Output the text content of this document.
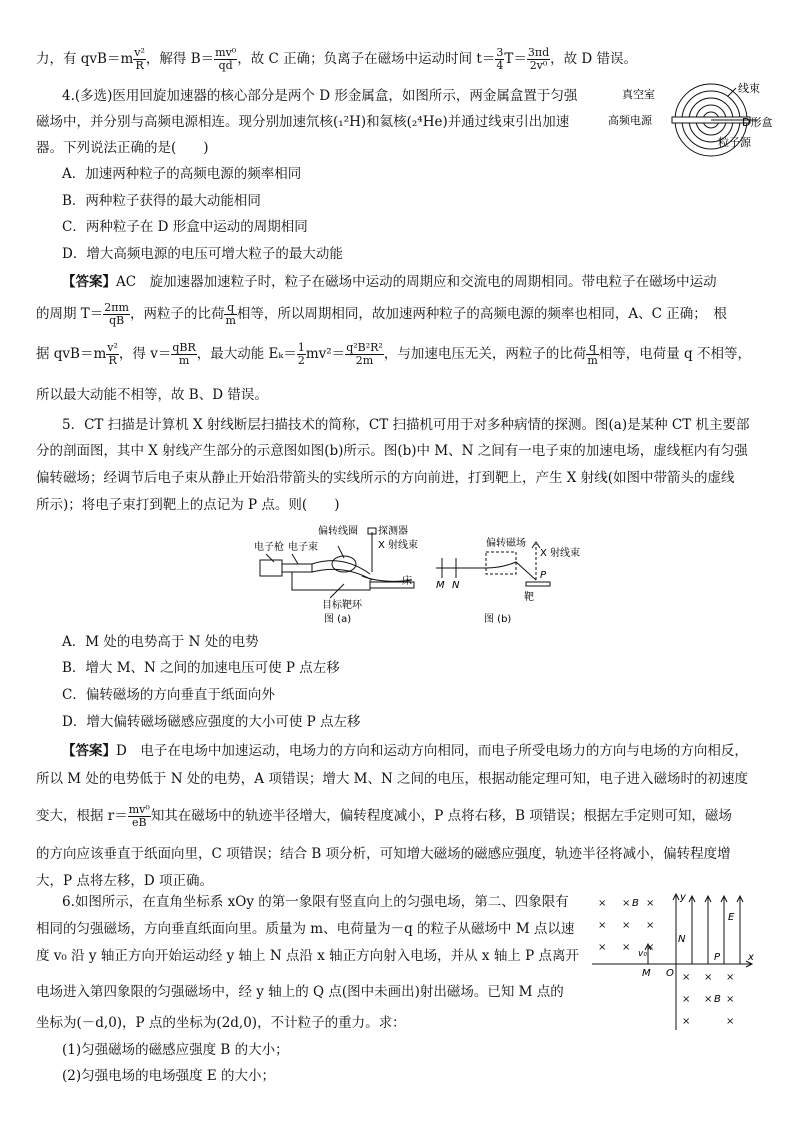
力，有 $qvB=m \frac{\text{v²}}{R}$ ，解得 $B= \frac{\text{mv⁰}}{qd}$ ，故 C 正确；负离子在磁场中运动时间 $t= \frac{3}{4} T= \frac{3\pi d}{\text{2v⁰}}$ ，故 D 错误。
4.(多选)医用回旋加速器的核心部分是两个 D 形金属盒，如图所示，两金属盒置于匀强
磁场中，并分别与高频电源相连。现分别加速氘核(₁²H)和氦核(₂⁴He)并通过线束引出加速
器。下列说法正确的是(　　)
A．加速两种粒子的高频电源的频率相同
B．两种粒子获得的最大动能相同
C．两种粒子在 D 形盒中运动的周期相同
D．增大高频电源的电压可增大粒子的最大动能
真空室	线束
高频电源	D形盒
粒子源
【答案】AC　旋加速器加速粒子时，粒子在磁场中运动的周期应和交流电的周期相同。带电粒子在磁场中运动
的周期 $T= \frac{2\pi m}{qB}$ ，两粒子的比荷 $\frac{q}{m}$ 相等，所以周期相同，故加速两种粒子的高频电源的频率也相同，A、C 正确；　根
据 $qvB=m \frac{\text{v²}}{R}$ ，得 $v= \frac{\text{qBR}}{m}$ ，最大动能 $E_k= \frac{1}{2} mv^2= \frac{\text{q²B²R²}}{2m}$ ，与加速电压无关，两粒子的比荷 $\frac{q}{m}$ 相等，电荷量 q 不相等，
所以最大动能不相等，故 B、D 错误。
5．CT 扫描是计算机 X 射线断层扫描技术的简称，CT 扫描机可用于对多种病情的探测。图(a)是某种 CT 机主要部
分的剖面图，其中 X 射线产生部分的示意图如图(b)所示。图(b)中 M、N 之间有一电子束的加速电场，虚线框内有匀强
偏转磁场；经调节后电子束从静止开始沿带箭头的实线所示的方向前进，打到靶上，产生 X 射线(如图中带箭头的虚线
所示)；将电子束打到靶上的点记为 P 点。则(　　)
电子枪 电子束
偏转线圈 探测器
X 射线束
床
目标靶环
图 (a)
偏转磁场
X 射线束
M N
靶
P
图 (b)
A．M 处的电势高于 N 处的电势
B．增大 M、N 之间的加速电压可使 P 点左移
C．偏转磁场的方向垂直于纸面向外
D．增大偏转磁场磁感应强度的大小可使 P 点左移
【答案】D　电子在电场中加速运动，电场力的方向和运动方向相同，而电子所受电场力的方向与电场的方向相反，
所以 M 处的电势低于 N 处的电势，A 项错误；增大 M、N 之间的电压，根据动能定理可知，电子进入磁场时的初速度
变大，根据 $r= \frac{\text{mv⁰}}{eB}$ 知其在磁场中的轨迹半径增大，偏转程度减小，P 点将右移，B 项错误；根据左手定则可知，磁场
的方向应该垂直于纸面向里，C 项错误；结合 B 项分析，可知增大磁场的磁感应强度，轨迹半径将减小，偏转程度增
大，P 点将左移，D 项正确。
6.如图所示，在直角坐标系 xOy 的第一象限有竖直向上的匀强电场，第二、四象限有
相同的匀强磁场，方向垂直纸面向里。质量为 m、电荷量为－q 的粒子从磁场中 M 点以速
度 v₀ 沿 y 轴正方向开始运动经 y 轴上 N 点沿 x 轴正方向射入电场，并从 x 轴上 P 点离开
电场进入第四象限的匀强磁场中，经 y 轴上的 Q 点(图中未画出)射出磁场。已知 M 点的
坐标为(－d,0)，P 点的坐标为(2d,0)，不计粒子的重力。求：
(1)匀强磁场的磁感应强度 B 的大小；
(2)匀强电场的电场强度 E 的大小；
× × ×
× × ×
× × ×
× × ×
× × ×
×	×
y
x
O
M
N
P
E
B
B
v₀
